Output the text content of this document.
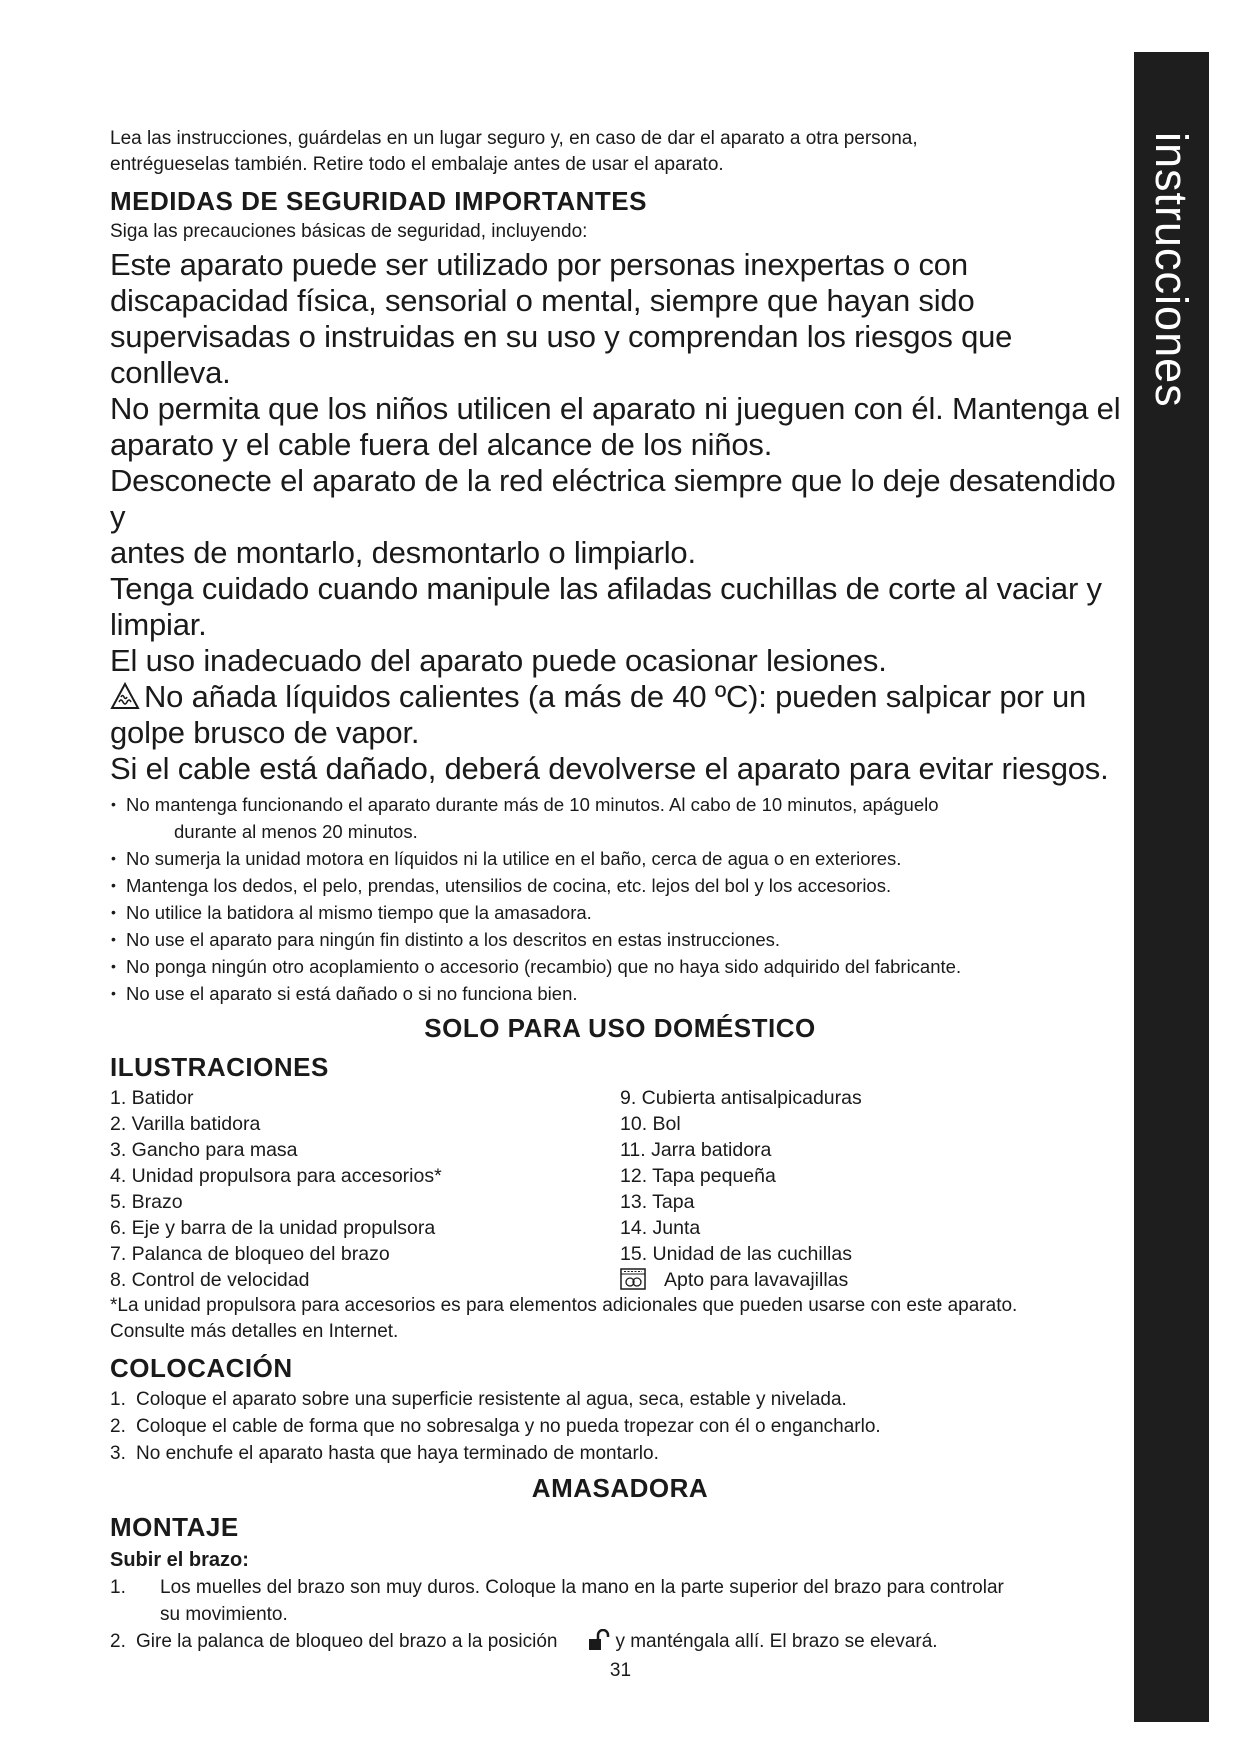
instrucciones

Lea las instrucciones, guárdelas en un lugar seguro y, en caso de dar el aparato a otra persona,

entrégueselas también. Retire todo el embalaje antes de usar el aparato.

MEDIDAS DE SEGURIDAD IMPORTANTES

Siga las precauciones básicas de seguridad, incluyendo:

Este aparato puede ser utilizado por personas inexpertas o con

discapacidad física, sensorial o mental, siempre que hayan sido

supervisadas o instruidas en su uso y comprendan los riesgos que conlleva.

No permita que los niños utilicen el aparato ni jueguen con él. Mantenga el

aparato y el cable fuera del alcance de los niños.

Desconecte el aparato de la red eléctrica siempre que lo deje desatendido y

antes de montarlo, desmontarlo o limpiarlo.

Tenga cuidado cuando manipule las afiladas cuchillas de corte al vaciar y

limpiar.

El uso inadecuado del aparato puede ocasionar lesiones.

No añada líquidos calientes (a más de 40 ºC): pueden salpicar por un

golpe brusco de vapor.

Si el cable está dañado, deberá devolverse el aparato para evitar riesgos.

• No mantenga funcionando el aparato durante más de 10 minutos. Al cabo de 10 minutos, apáguelo
durante al menos 20 minutos.
• No sumerja la unidad motora en líquidos ni la utilice en el baño, cerca de agua o en exteriores.
• Mantenga los dedos, el pelo, prendas, utensilios de cocina, etc. lejos del bol y los accesorios.
• No utilice la batidora al mismo tiempo que la amasadora.
• No use el aparato para ningún fin distinto a los descritos en estas instrucciones.
• No ponga ningún otro acoplamiento o accesorio (recambio) que no haya sido adquirido del fabricante.
• No use el aparato si está dañado o si no funciona bien.
SOLO PARA USO DOMÉSTICO
ILUSTRACIONES
1. Batidor	9. Cubierta antisalpicaduras
2. Varilla batidora	10. Bol
3. Gancho para masa	11. Jarra batidora
4. Unidad propulsora para accesorios*	12. Tapa pequeña
5. Brazo	13. Tapa
6. Eje y barra de la unidad propulsora	14. Junta
7. Palanca de bloqueo del brazo	15. Unidad de las cuchillas
8. Control de velocidad	Apto para lavavajillas

*La unidad propulsora para accesorios es para elementos adicionales que pueden usarse con este aparato.

Consulte más detalles en Internet.

COLOCACIÓN
1. Coloque el aparato sobre una superficie resistente al agua, seca, estable y nivelada.
2. Coloque el cable de forma que no sobresalga y no pueda tropezar con él o engancharlo.
3. No enchufe el aparato hasta que haya terminado de montarlo.
AMASADORA
MONTAJE
Subir el brazo:
1. Los muelles del brazo son muy duros. Coloque la mano en la parte superior del brazo para controlar
su movimiento.
2. Gire la palanca de bloqueo del brazo a la posición	y manténgala allí. El brazo se elevará.
31
